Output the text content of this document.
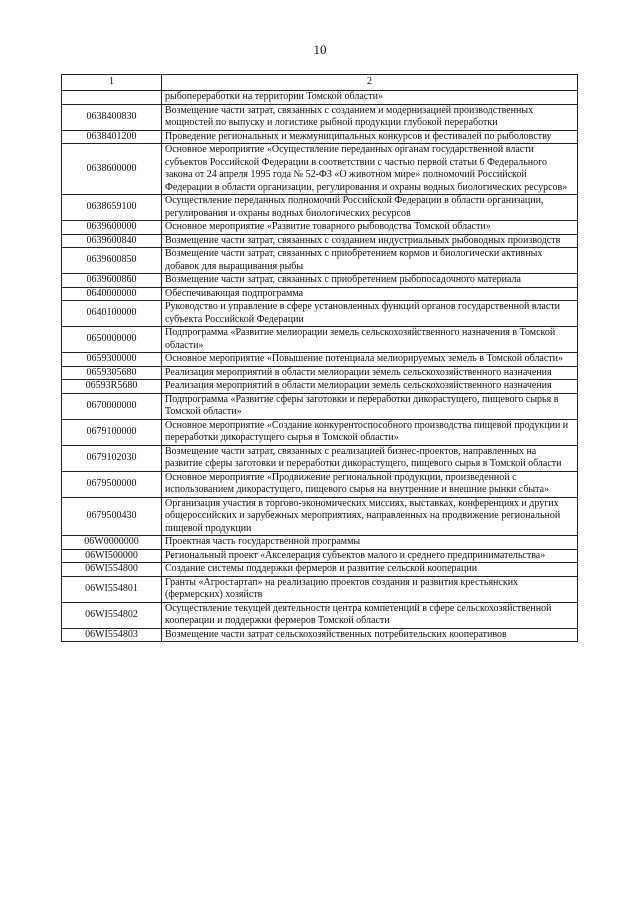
10
1	2
	рыбопереработки на территории Томской области»
0638400830	Возмещение части затрат, связанных с созданием и модернизацией производственных мощностей по выпуску и логистике рыбной продукции глубокой переработки
0638401200	Проведение региональных и межмуниципальных конкурсов и фестивалей по рыболовству
0638600000	Основное мероприятие «Осуществление переданных органам государственной власти субъектов Российской Федерации в соответствии с частью первой статьи 6 Федерального закона от 24 апреля 1995 года № 52-ФЗ «О животном мире» полномочий Российской Федерации в области организации, регулирования и охраны водных биологических ресурсов»
0638659100	Осуществление переданных полномочий Российской Федерации в области организации, регулирования и охраны водных биологических ресурсов
0639600000	Основное мероприятие «Развитие товарного рыбоводства Томской области»
0639600840	Возмещение части затрат, связанных с созданием индустриальных рыбоводных производств
0639600850	Возмещение части затрат, связанных с приобретением кормов и биологически активных добавок для выращивания рыбы
0639600860	Возмещение части затрат, связанных с приобретением рыбопосадочного материала
0640000000	Обеспечивающая подпрограмма
0640100000	Руководство и управление в сфере установленных функций органов государственной власти субъекта Российской Федерации
0650000000	Подпрограмма «Развитие мелиорации земель сельскохозяйственного назначения в Томской области»
0659300000	Основное мероприятие «Повышение потенциала мелиорируемых земель в Томской области»
0659305680	Реализация мероприятий в области мелиорации земель сельскохозяйственного назначения
06593R5680	Реализация мероприятий в области мелиорации земель сельскохозяйственного назначения
0670000000	Подпрограмма «Развитие сферы заготовки и переработки дикорастущего, пищевого сырья в Томской области»
0679100000	Основное мероприятие «Создание конкурентоспособного производства пищевой продукции и переработки дикорастущего сырья в Томской области»
0679102030	Возмещение части затрат, связанных с реализацией бизнес-проектов, направленных на развитие сферы заготовки и переработки дикорастущего, пищевого сырья в Томской области
0679500000	Основное мероприятие «Продвижение региональной продукции, произведенной с использованием дикорастущего, пищевого сырья на внутренние и внешние рынки сбыта»
0679500430	Организация участия в торгово-экономических миссиях, выставках, конференциях и других общероссийских и зарубежных мероприятиях, направленных на продвижение региональной пищевой продукции
06W0000000	Проектная часть государственной программы
06WI500000	Региональный проект «Акселерация субъектов малого и среднего предпринимательства»
06WI554800	Создание системы поддержки фермеров и развитие сельской кооперации
06WI554801	Гранты «Агростартап» на реализацию проектов создания и развития крестьянских (фермерских) хозяйств
06WI554802	Осуществление текущей деятельности центра компетенций в сфере сельскохозяйственной кооперации и поддержки фермеров Томской области
06WI554803	Возмещение части затрат сельскохозяйственных потребительских кооперативов
